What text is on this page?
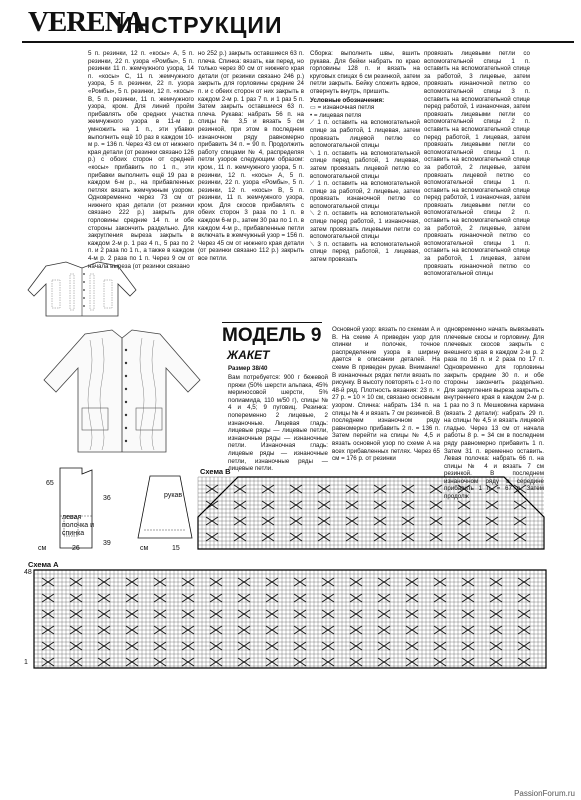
VERENA
ИНСТРУКЦИИ
5 п. резинки, 12 п. «косы» A, 5 п. резинки, 22 п. узора «Ромбы», 5 п. резинки 11 п. жемчужного узора, 14 п. «косы» C, 11 п. жемчужного узора, 5 п. резинки, 22 п. узора «Ромбы», 5 п. резинки, 12 п. «косы» B, 5 п. резинки, 11 п. жемчужного узора, кром. Для линий пройм прибавлять обе средних участка жемчужного узора в 11-м р. умножить на 1 п., эти убавки выполнить ещё 10 раз в каждом 10-м р. = 136 п. Через 43 см от нижнего края детали (от резинки связано 126 р.) с обоих сторон от средней «косы» прибавить по 1 п., эти прибавки выполнить ещё 19 раз в каждом 6-м р., на прибавленных петлях вязать жемчужным узором. Одновременно через 73 см от нижнего края детали (от резинки связано 222 р.) закрыть для горловины средние 14 п. и обе стороны закончить раздельно. Для закругления выреза закрыть в каждом 2-м р. 1 раз 4 п., 5 раз по 2 п. и 2 раза по 1 п., а также в каждом 4-м р. 2 раза по 1 п. Через 9 см от начала выреза (от резинки связано
но 252 р.) закрыть оставшиеся 63 п. плеча. Спинка: вязать, как перед, но только через 80 см от нижнего края детали (от резинки связано 246 р.) закрыть для горловины средние 24 п. и с обеих сторон от них закрыть в каждом 2-м р. 1 раз 7 п. и 1 раз 5 п. Затем закрыть оставшиеся 63 п. плеча. Рукава: набрать 56 п. на спицы № 3,5 и вязать 5 см резинкой, при этом в последнем изнаночном ряду равномерно прибавить 34 п. = 90 п. Продолжить работу спицами № 4, распределяя петли узоров следующим образом: кром., 11 п. жемчужного узора, 5 п. резинки, 12 п. «косы» A, 5 п. резинки, 22 п. узора «Ромбы», 5 п. резинки, 12 п. «косы» B, 5 п. резинки, 11 п. жемчужного узора, кром. Для скосов прибавлять с обеих сторон 3 раза по 1 п. в каждом 6-м р., затем 30 раз по 1 п. в каждом 4-м р., прибавленные петли включать в жемчужный узор = 156 п. Через 45 см от нижнего края детали (от резинки связано 112 р.) закрыть все петли.
Сборка: выполнить швы, вшить рукава. Для бейки набрать по краю горловины 128 п. и вязать на круговых спицах 6 см резинкой, затем петли закрыть. Бейку сложить вдвое, отвернуть внутрь, пришить.
Условные обозначения:
▭ = изнаночная петля
• = лицевая петля
⟋ 1 п. оставить на вспомогательной спице за работой, 1 лицевая, затем провязать лицевой петлю со вспомогательной спицы
⟍ 1 п. оставить на вспомогательной спице перед работой, 1 лицевая, затем провязать лицевой петлю со вспомогательной спицы
⟋ 1 п. оставить на вспомогательной спице за работой, 2 лицевые, затем провязать изнаночной петлю со вспомогательной спицы
⟍ 2 п. оставить на вспомогательной спице перед работой, 1 изнаночная, затем провязать лицевыми петли со вспомогательной спицы
⟍ 3 п. оставить на вспомогательной спице перед работой, 1 лицевая, затем провязать
провязать лицевыми петли со вспомогательной спицы 1 п. оставить на вспомогательной спице за работой, 3 лицевые, затем провязать изнаночной петлю со вспомогательной спицы 3 п. оставить на вспомогательной спице перед работой, 1 изнаночная, затем провязать лицевыми петли со вспомогательной спицы 2 п. оставить на вспомогательной спице перед работой, 1 лицевая, затем провязать лицевыми петли со вспомогательной спицы 1 п. оставить на вспомогательной спице за работой, 2 лицевые, затем провязать лицевой петлю со вспомогательной спицы 1 п. оставить на вспомогательной спице перед работой, 1 изнаночная, затем провязать лицевыми петли со вспомогательной спицы 2 п. оставить на вспомогательной спице за работой, 2 лицевые, затем провязать изнаночной петлю со вспомогательной спицы 1 п. оставить на вспомогательной спице за работой, 1 лицевая, затем провязать изнаночной петлю со вспомогательной спицы
МОДЕЛЬ 9
ЖАКЕТ
Размер 38/40
Вам потребуется: 900 г бежевой пряжи (50% шерсти альпака, 45% мериносовой шерсти, 5% полиамида, 110 м/50 г), спицы № 4 и 4,5; 9 пуговиц. Резинка: попеременно 2 лицевые, 2 изнаночные. Лицевая гладь: лицевые ряды — лицевые петли, изнаночные ряды — изнаночные петли. Изнаночная гладь: лицевые ряды — изнаночные петли, изнаночные ряды — лицевые петли.
Основной узор: вязать по схемам А и В. На схеме А приведен узор для спинки и полочек, точное распределение узора в ширину дается в описании деталей. На схеме В приведен рукав. Внимание! В изнаночных рядах петли вязать по рисунку. В высоту повторять с 1-го по 48-й ряд. Плотность вязания: 23 п. × 27 р. = 10 × 10 см, связано основным узором. Спинка: набрать 134 п. на спицы № 4 и вязать 7 см резинкой. В последнем изнаночном ряду равномерно прибавить 2 п. = 136 п. Затем перейти на спицы № 4,5 и вязать основной узор по схеме А на всех прибавленных петлях. Через 65 см = 176 р. от резинки
одновременно начать вывязывать плечевые скосы и горловину. Для плечевых скосов закрыть с внешнего края в каждом 2-м р. 2 раза по 16 п. и 2 раза по 17 п. Одновременно для горловины закрыть средние 30 п. и обе стороны закончить раздельно. Для закругления выреза закрыть с внутреннего края в каждом 2-м р. 1 раз по 3 п. Мешковина кармана (вязать 2 детали): набрать 29 п. на спицы № 4,5 и вязать лицевой гладью. Через 13 см от начала работы 8 р. = 34 см в последнем ряду равномерно прибавить 1 п. Затем 31 п. временно оставить. Левая полочка: набрать 66 п. на спицы № 4 и вязать 7 см резинкой. В последнем изнаночном ряду в середине прибавить 1 п. = 67 п. Затем продолж
левая полочка и спинка
65
36
39
26
см
рукав
см	15
Схема В
Схема А
48
1
PassionForum.ru
